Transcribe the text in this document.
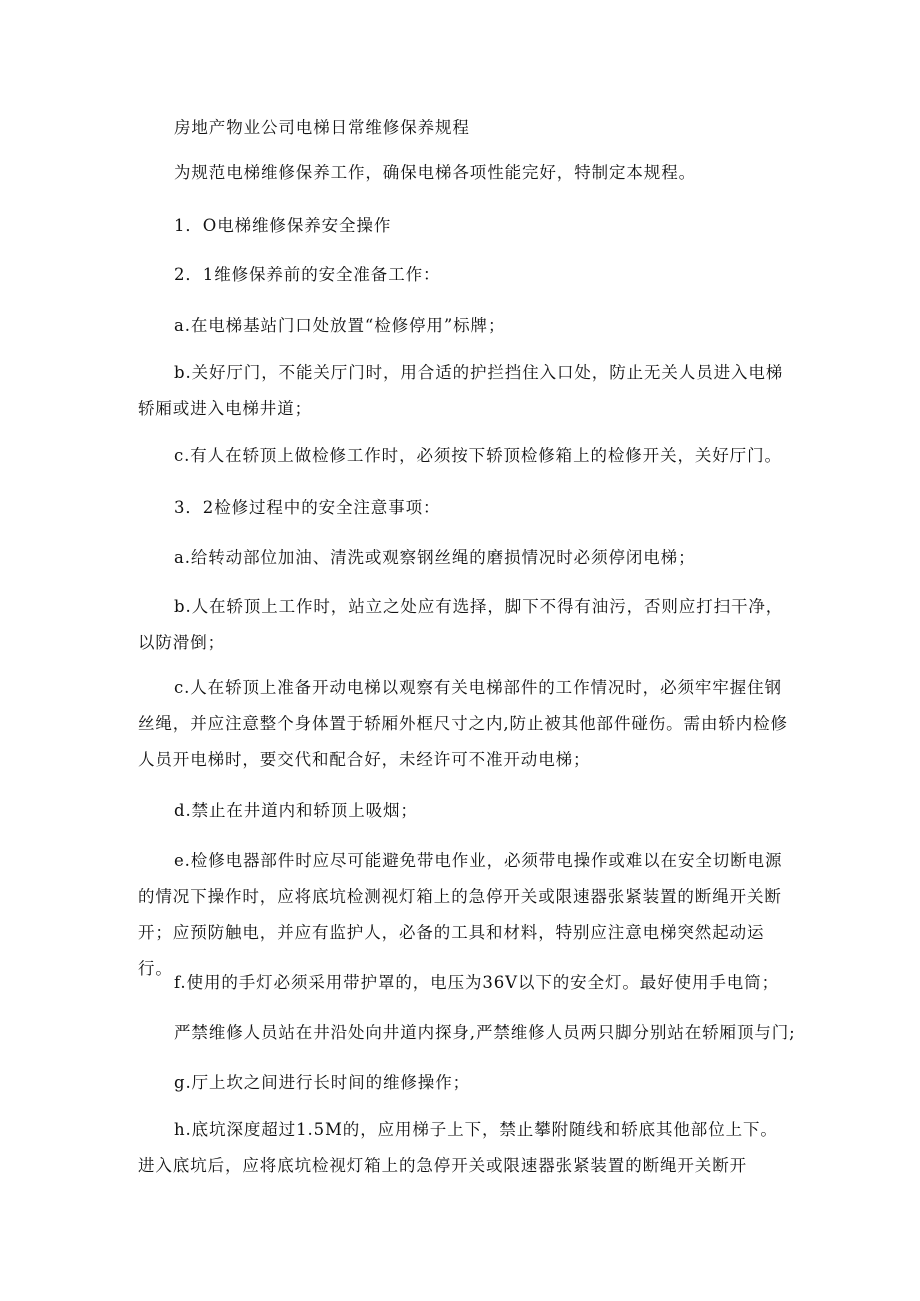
房地产物业公司电梯日常维修保养规程

为规范电梯维修保养工作，确保电梯各项性能完好，特制定本规程。

1．O电梯维修保养安全操作

2．1维修保养前的安全准备工作：

a.在电梯基站门口处放置“检修停用”标牌；

b.关好厅门，不能关厅门时，用合适的护拦挡住入口处，防止无关人员进入电梯轿厢或进入电梯井道；

c.有人在轿顶上做检修工作时，必须按下轿顶检修箱上的检修开关，关好厅门。

3．2检修过程中的安全注意事项：

a.给转动部位加油、清洗或观察钢丝绳的磨损情况时必须停闭电梯；

b.人在轿顶上工作时，站立之处应有选择，脚下不得有油污，否则应打扫干净，以防滑倒；

c.人在轿顶上准备开动电梯以观察有关电梯部件的工作情况时，必须牢牢握住钢丝绳，并应注意整个身体置于轿厢外框尺寸之内,防止被其他部件碰伤。需由轿内检修人员开电梯时，要交代和配合好，未经许可不准开动电梯；

d.禁止在井道内和轿顶上吸烟；

e.检修电器部件时应尽可能避免带电作业，必须带电操作或难以在安全切断电源的情况下操作时，应将底坑检测视灯箱上的急停开关或限速器张紧装置的断绳开关断开；应预防触电，并应有监护人，必备的工具和材料，特别应注意电梯突然起动运行。

f.使用的手灯必须采用带护罩的，电压为36V以下的安全灯。最好使用手电筒；

严禁维修人员站在井沿处向井道内探身,严禁维修人员两只脚分别站在轿厢顶与门;

g.厅上坎之间进行长时间的维修操作；

h.底坑深度超过1.5M的，应用梯子上下，禁止攀附随线和轿底其他部位上下。进入底坑后，应将底坑检视灯箱上的急停开关或限速器张紧装置的断绳开关断开
